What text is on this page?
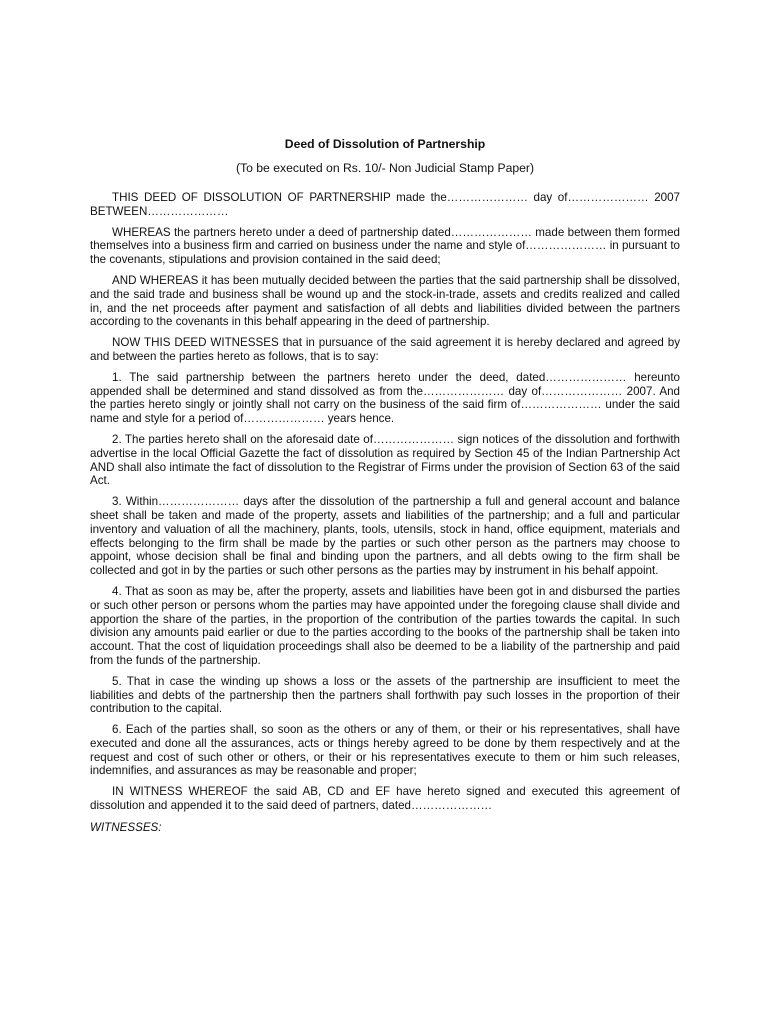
Deed of Dissolution of Partnership

(To be executed on Rs. 10/- Non Judicial Stamp Paper)

THIS DEED OF DISSOLUTION OF PARTNERSHIP made the………………… day of………………… 2007 BETWEEN…………………

WHEREAS the partners hereto under a deed of partnership dated………………… made between them formed themselves into a business firm and carried on business under the name and style of………………… in pursuant to the covenants, stipulations and provision contained in the said deed;

AND WHEREAS it has been mutually decided between the parties that the said partnership shall be dissolved, and the said trade and business shall be wound up and the stock-in-trade, assets and credits realized and called in, and the net proceeds after payment and satisfaction of all debts and liabilities divided between the partners according to the covenants in this behalf appearing in the deed of partnership.

NOW THIS DEED WITNESSES that in pursuance of the said agreement it is hereby declared and agreed by and between the parties hereto as follows, that is to say:

1. The said partnership between the partners hereto under the deed, dated………………… hereunto appended shall be determined and stand dissolved as from the………………… day of………………… 2007. And the parties hereto singly or jointly shall not carry on the business of the said firm of………………… under the said name and style for a period of………………… years hence.

2. The parties hereto shall on the aforesaid date of………………… sign notices of the dissolution and forthwith advertise in the local Official Gazette the fact of dissolution as required by Section 45 of the Indian Partnership Act AND shall also intimate the fact of dissolution to the Registrar of Firms under the provision of Section 63 of the said Act.

3. Within………………… days after the dissolution of the partnership a full and general account and balance sheet shall be taken and made of the property, assets and liabilities of the partnership; and a full and particular inventory and valuation of all the machinery, plants, tools, utensils, stock in hand, office equipment, materials and effects belonging to the firm shall be made by the parties or such other person as the partners may choose to appoint, whose decision shall be final and binding upon the partners, and all debts owing to the firm shall be collected and got in by the parties or such other persons as the parties may by instrument in his behalf appoint.

4. That as soon as may be, after the property, assets and liabilities have been got in and disbursed the parties or such other person or persons whom the parties may have appointed under the foregoing clause shall divide and apportion the share of the parties, in the proportion of the contribution of the parties towards the capital. In such division any amounts paid earlier or due to the parties according to the books of the partnership shall be taken into account. That the cost of liquidation proceedings shall also be deemed to be a liability of the partnership and paid from the funds of the partnership.

5. That in case the winding up shows a loss or the assets of the partnership are insufficient to meet the liabilities and debts of the partnership then the partners shall forthwith pay such losses in the proportion of their contribution to the capital.

6. Each of the parties shall, so soon as the others or any of them, or their or his representatives, shall have executed and done all the assurances, acts or things hereby agreed to be done by them respectively and at the request and cost of such other or others, or their or his representatives execute to them or him such releases, indemnifies, and assurances as may be reasonable and proper;

IN WITNESS WHEREOF the said AB, CD and EF have hereto signed and executed this agreement of dissolution and appended it to the said deed of partners, dated…………………

WITNESSES:
